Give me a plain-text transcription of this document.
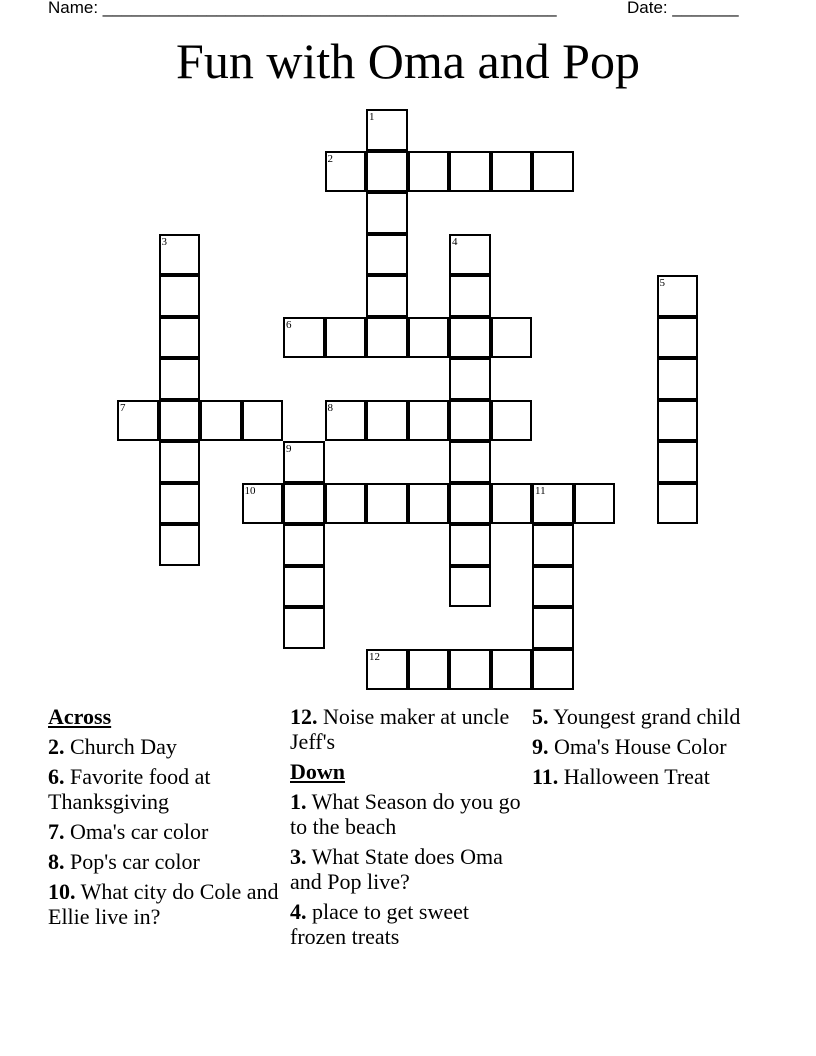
Name: ________________________________________________	Date: _______
Fun with Oma and Pop
1
2
3	4
5
6
7	8
9
10	11
12
Across
2. Church Day
6. Favorite food at Thanksgiving
7. Oma's car color
8. Pop's car color
10. What city do Cole and Ellie live in?
12. Noise maker at uncle Jeff's
Down
1. What Season do you go to the beach
3. What State does Oma and Pop live?
4. place to get sweet frozen treats
5. Youngest grand child
9. Oma's House Color
11. Halloween Treat
